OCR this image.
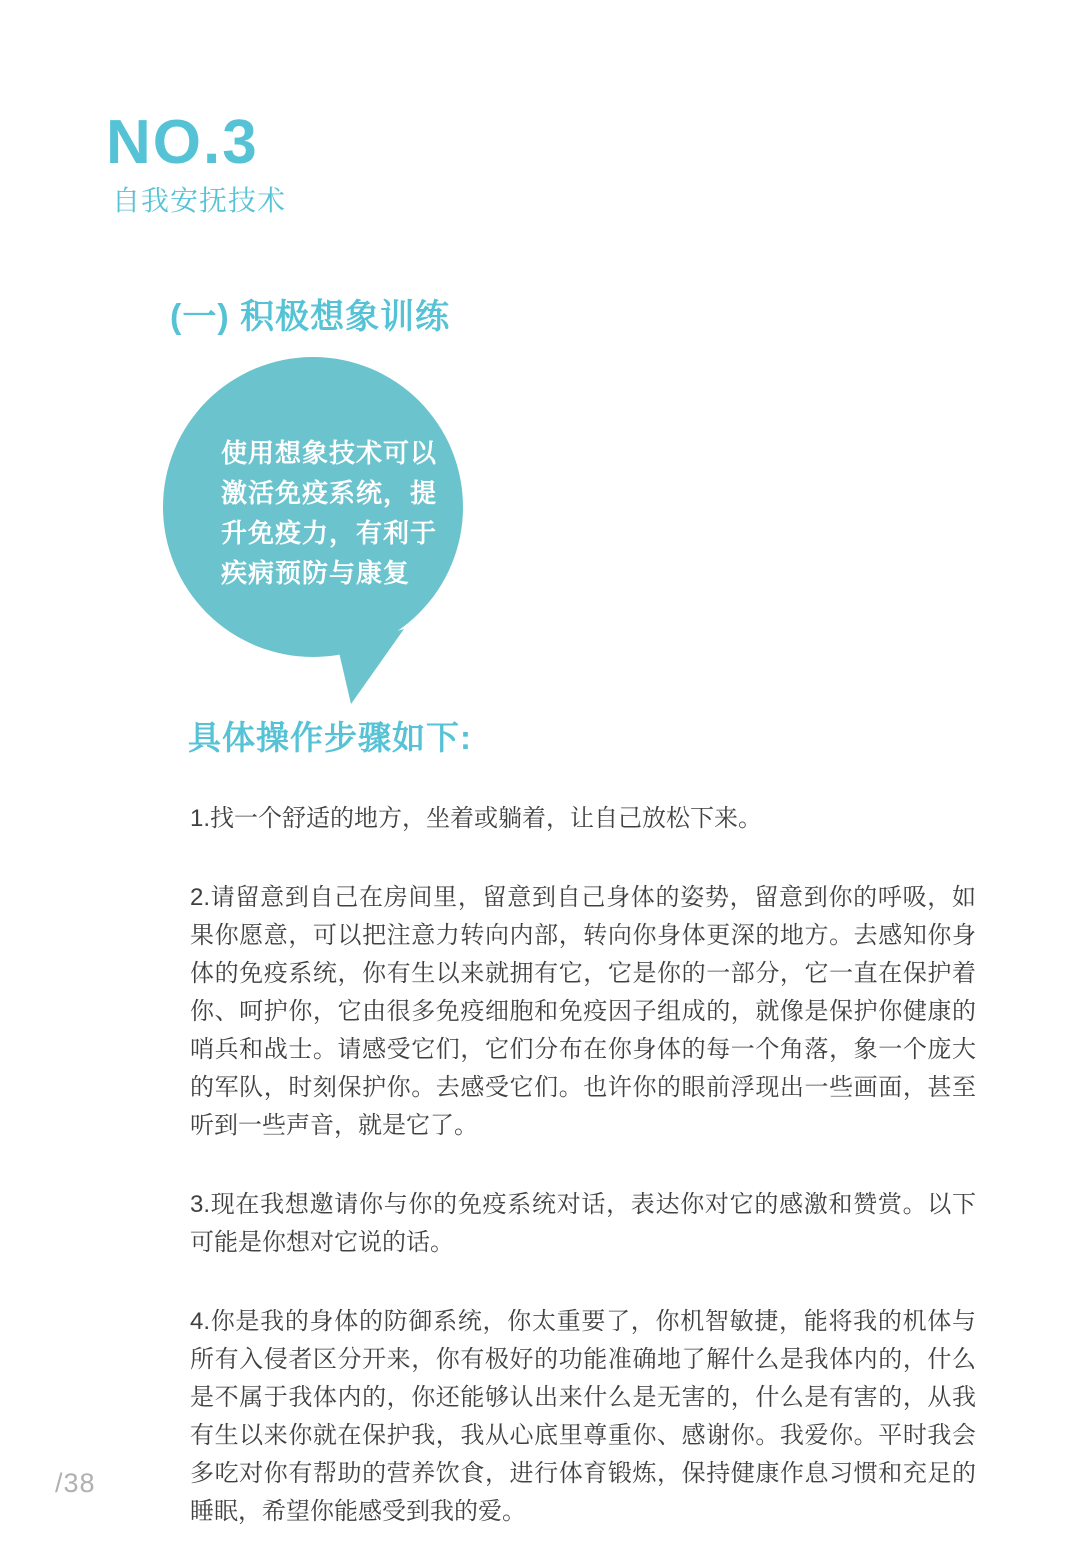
NO.3
自我安抚技术
(一) 积极想象训练
使用想象技术可以
激活免疫系统，提
升免疫力，有利于
疾病预防与康复
具体操作步骤如下:

1.找一个舒适的地方，坐着或躺着，让自己放松下来。

2.请留意到自己在房间里，留意到自己身体的姿势，留意到你的呼吸，如果你愿意，可以把注意力转向内部，转向你身体更深的地方。去感知你身体的免疫系统，你有生以来就拥有它，它是你的一部分，它一直在保护着你、呵护你，它由很多免疫细胞和免疫因子组成的，就像是保护你健康的哨兵和战士。请感受它们，它们分布在你身体的每一个角落，象一个庞大的军队，时刻保护你。去感受它们。也许你的眼前浮现出一些画面，甚至听到一些声音，就是它了。

3.现在我想邀请你与你的免疫系统对话，表达你对它的感激和赞赏。以下可能是你想对它说的话。

4.你是我的身体的防御系统，你太重要了，你机智敏捷，能将我的机体与所有入侵者区分开来，你有极好的功能准确地了解什么是我体内的，什么是不属于我体内的，你还能够认出来什么是无害的，什么是有害的，从我有生以来你就在保护我，我从心底里尊重你、感谢你。我爱你。平时我会多吃对你有帮助的营养饮食，进行体育锻炼，保持健康作息习惯和充足的睡眠，希望你能感受到我的爱。

/38
